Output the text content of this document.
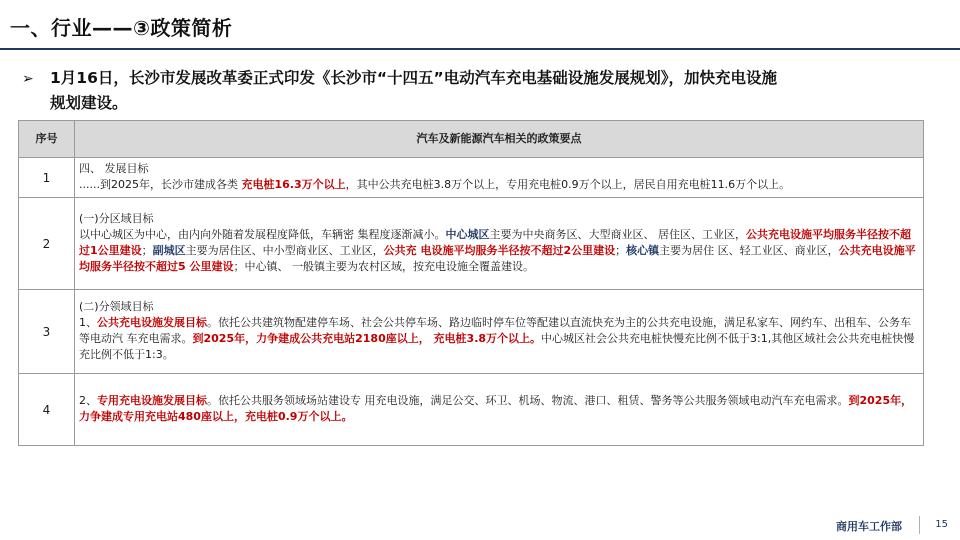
一、行业——③政策简析
➢ 1月16日，长沙市发展改革委正式印发《长沙市“十四五”电动汽车充电基础设施发展规划》，加快充电设施
规划建设。
序号	汽车及新能源汽车相关的政策要点
1	四、 发展目标
......到2025年，长沙市建成各类 充电桩16.3万个以上，其中公共充电桩3.8万个以上，专用充电桩0.9万个以上，居民自用充电桩11.6万个以上。
2	(一)分区域目标
以中心城区为中心，由内向外随着发展程度降低，车辆密 集程度逐渐减小。中心城区主要为中央商务区、大型商业区、 居住区、工业区，公共充电设施平均服务半径按不超过1公里建设；副城区主要为居住区、中小型商业区、工业区，公共充 电设施平均服务半径按不超过2公里建设；核心镇主要为居住 区、轻工业区、商业区，公共充电设施平均服务半径按不超过5 公里建设；中心镇、 一般镇主要为农村区域，按充电设施全覆盖建设。
3	(二)分领域目标
1、公共充电设施发展目标。依托公共建筑物配建停车场、社会公共停车场、路边临时停车位等配建以直流快充为主的公共充电设施，满足私家车、网约车、出租车、公务车等电动汽 车充电需求。到2025年，力争建成公共充电站2180座以上， 充电桩3.8万个以上。中心城区社会公共充电桩快慢充比例不低于3:1,其他区域社会公共充电桩快慢充比例不低于1:3。
4	2、专用充电设施发展目标。依托公共服务领域场站建设专 用充电设施，满足公交、环卫、机场、物流、港口、租赁、警务等公共服务领域电动汽车充电需求。到2025年，力争建成专用充电站480座以上，充电桩0.9万个以上。
商用车工作部	15
